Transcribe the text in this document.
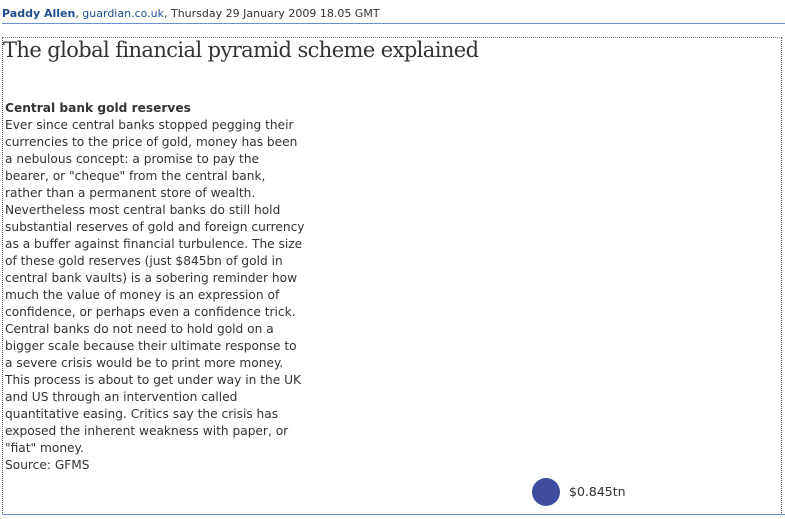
Paddy Allen, guardian.co.uk, Thursday 29 January 2009 18.05 GMT
The global financial pyramid scheme explained
Central bank gold reserves
Ever since central banks stopped pegging their currencies to the price of gold, money has been a nebulous concept: a promise to pay the bearer, or "cheque" from the central bank, rather than a permanent store of wealth. Nevertheless most central banks do still hold substantial reserves of gold and foreign currency as a buffer against financial turbulence. The size of these gold reserves (just $845bn of gold in central bank vaults) is a sobering reminder how much the value of money is an expression of confidence, or perhaps even a confidence trick. Central banks do not need to hold gold on a bigger scale because their ultimate response to a severe crisis would be to print more money. This process is about to get under way in the UK and US through an intervention called quantitative easing. Critics say the crisis has exposed the inherent weakness with paper, or "fiat" money.
Source: GFMS
$0.845tn
